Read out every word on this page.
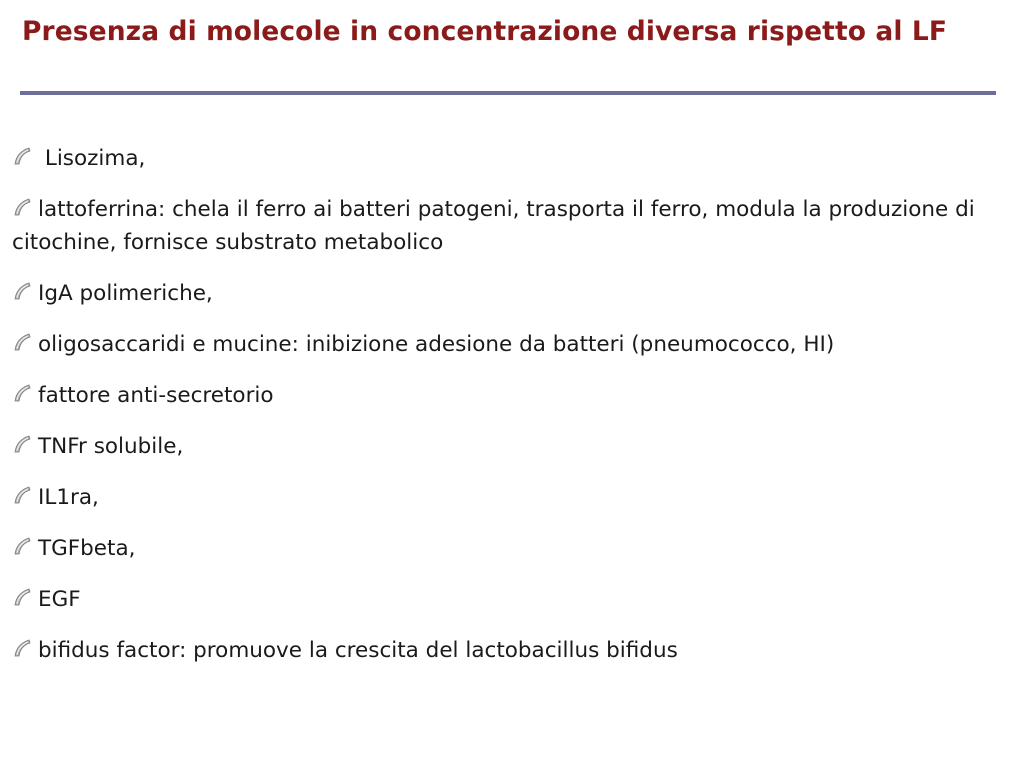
Presenza di molecole in concentrazione diversa rispetto al LF
Lisozima,
lattoferrina: chela il ferro ai batteri patogeni, trasporta il ferro, modula la produzione di citochine, fornisce substrato metabolico
IgA polimeriche,
oligosaccaridi e mucine: inibizione adesione da batteri (pneumococco, HI)
fattore anti-secretorio
TNFr solubile,
IL1ra,
TGFbeta,
EGF
bifidus factor: promuove la crescita del lactobacillus bifidus
